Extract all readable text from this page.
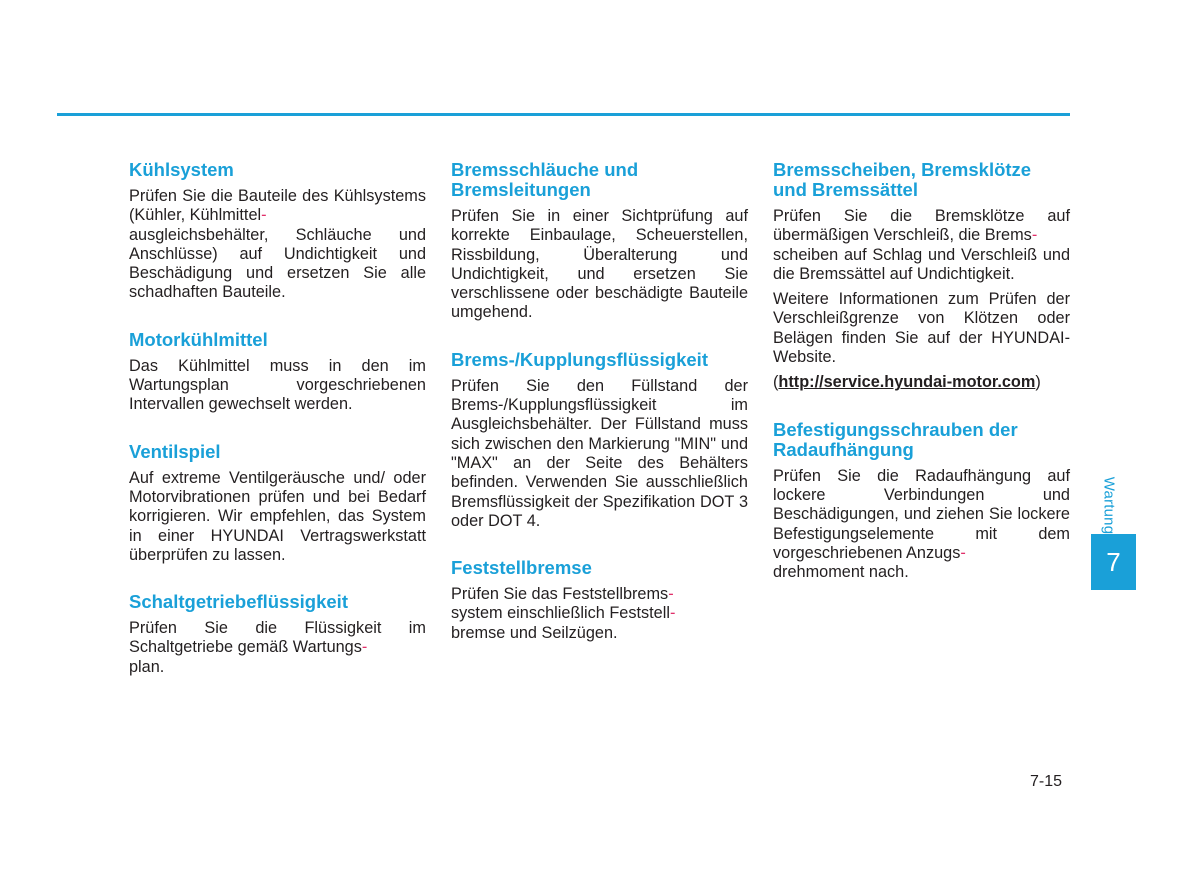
Kühlsystem

Prüfen Sie die Bauteile des Kühlsystems (Kühler, Kühlmittel-
ausgleichsbehälter, Schläuche und Anschlüsse) auf Undichtigkeit und Beschädigung und ersetzen Sie alle schadhaften Bauteile.

Motorkühlmittel

Das Kühlmittel muss in den im Wartungsplan vorgeschriebenen Intervallen gewechselt werden.

Ventilspiel

Auf extreme Ventilgeräusche und/ oder Motorvibrationen prüfen und bei Bedarf korrigieren. Wir empfehlen, das System in einer HYUNDAI Vertragswerkstatt überprüfen zu lassen.

Schaltgetriebeflüssigkeit

Prüfen Sie die Flüssigkeit im Schaltgetriebe gemäß Wartungs-
plan.

Bremsschläuche und Bremsleitungen

Prüfen Sie in einer Sichtprüfung auf korrekte Einbaulage, Scheuerstellen, Rissbildung, Überalterung und Undichtigkeit, und ersetzen Sie verschlissene oder beschädigte Bauteile umgehend.

Brems-/Kupplungsflüssigkeit

Prüfen Sie den Füllstand der Brems-/Kupplungsflüssigkeit im Ausgleichsbehälter. Der Füllstand muss sich zwischen den Markierung "MIN" und "MAX" an der Seite des Behälters befinden. Verwenden Sie ausschließlich Bremsflüssigkeit der Spezifikation DOT 3 oder DOT 4.

Feststellbremse

Prüfen Sie das Feststellbrems-
system einschließlich Feststell-
bremse und Seilzügen.

Bremsscheiben, Bremsklötze und Bremssättel

Prüfen Sie die Bremsklötze auf übermäßigen Verschleiß, die Brems-
scheiben auf Schlag und Verschleiß und die Bremssättel auf Undichtigkeit.

Weitere Informationen zum Prüfen der Verschleißgrenze von Klötzen oder Belägen finden Sie auf der HYUNDAI-Website.

(http://service.hyundai-motor.com)
Befestigungsschrauben der Radaufhängung

Prüfen Sie die Radaufhängung auf lockere Verbindungen und Beschädigungen, und ziehen Sie lockere Befestigungselemente mit dem vorgeschriebenen Anzugs-
drehmoment nach.

Wartung
7
7-15
